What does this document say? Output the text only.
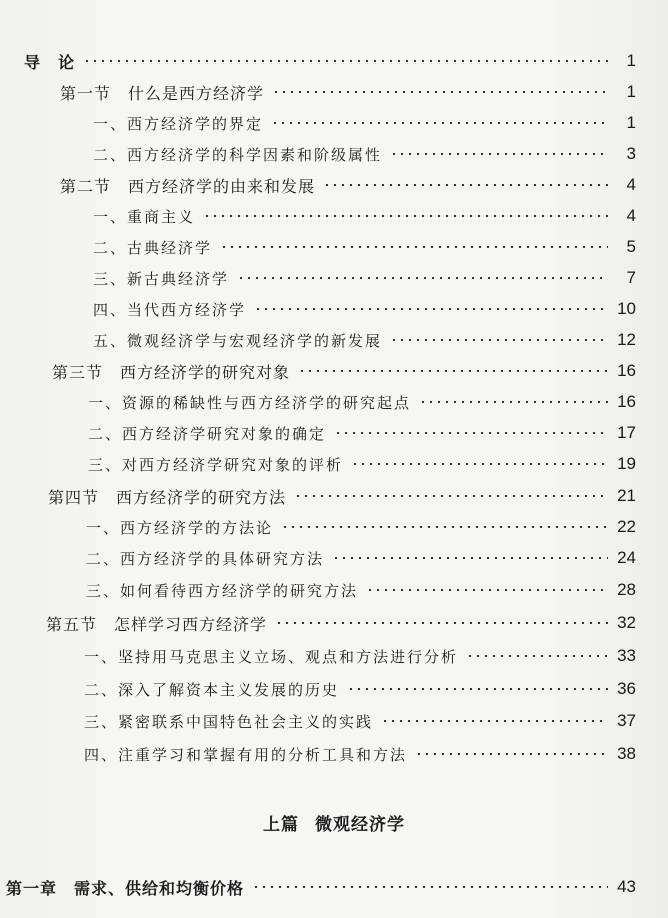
导　论	1
第一节　什么是西方经济学	1
一、西方经济学的界定	1
二、西方经济学的科学因素和阶级属性	3
第二节　西方经济学的由来和发展	4
一、重商主义	4
二、古典经济学	5
三、新古典经济学	7
四、当代西方经济学	10
五、微观经济学与宏观经济学的新发展	12
第三节　西方经济学的研究对象	16
一、资源的稀缺性与西方经济学的研究起点	16
二、西方经济学研究对象的确定	17
三、对西方经济学研究对象的评析	19
第四节　西方经济学的研究方法	21
一、西方经济学的方法论	22
二、西方经济学的具体研究方法	24
三、如何看待西方经济学的研究方法	28
第五节　怎样学习西方经济学	32
一、坚持用马克思主义立场、观点和方法进行分析	33
二、深入了解资本主义发展的历史	36
三、紧密联系中国特色社会主义的实践	37
四、注重学习和掌握有用的分析工具和方法	38
上篇 微观经济学
第一章　需求、供给和均衡价格	43
